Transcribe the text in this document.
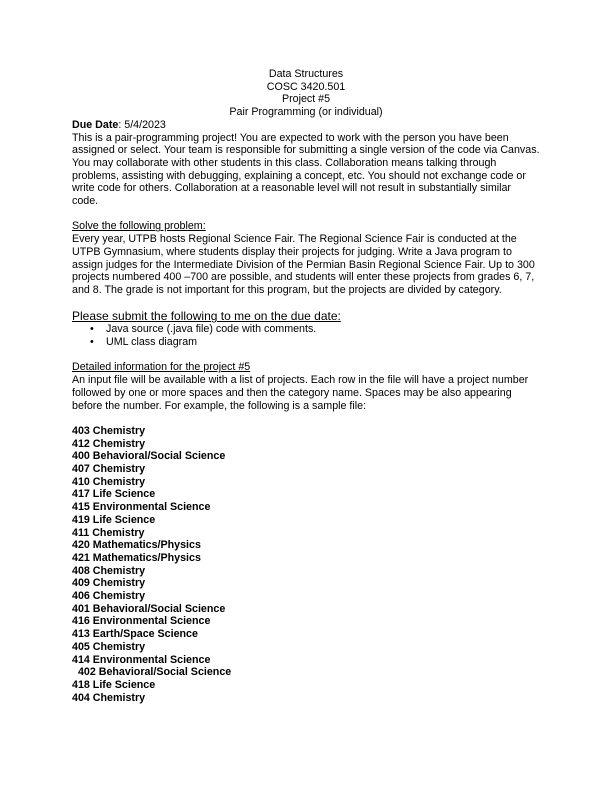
Data Structures
COSC 3420.501
Project #5
Pair Programming (or individual)
Due Date: 5/4/2023

This is a pair-programming project! You are expected to work with the person you have been assigned or select. Your team is responsible for submitting a single version of the code via Canvas. You may collaborate with other students in this class. Collaboration means talking through problems, assisting with debugging, explaining a concept, etc. You should not exchange code or write code for others. Collaboration at a reasonable level will not result in substantially similar code.

Solve the following problem:

Every year, UTPB hosts Regional Science Fair. The Regional Science Fair is conducted at the UTPB Gymnasium, where students display their projects for judging. Write a Java program to assign judges for the Intermediate Division of the Permian Basin Regional Science Fair. Up to 300 projects numbered 400 –700 are possible, and students will enter these projects from grades 6, 7, and 8. The grade is not important for this program, but the projects are divided by category.

Please submit the following to me on the due date:
• Java source (.java file) code with comments.
• UML class diagram
Detailed information for the project #5

An input file will be available with a list of projects. Each row in the file will have a project number followed by one or more spaces and then the category name. Spaces may be also appearing before the number. For example, the following is a sample file:

403 Chemistry
412 Chemistry
400 Behavioral/Social Science
407 Chemistry
410 Chemistry
417 Life Science
415 Environmental Science
419 Life Science
411 Chemistry
420 Mathematics/Physics
421 Mathematics/Physics
408 Chemistry
409 Chemistry
406 Chemistry
401 Behavioral/Social Science
416 Environmental Science
413 Earth/Space Science
405 Chemistry
414 Environmental Science
402 Behavioral/Social Science
418 Life Science
404 Chemistry
